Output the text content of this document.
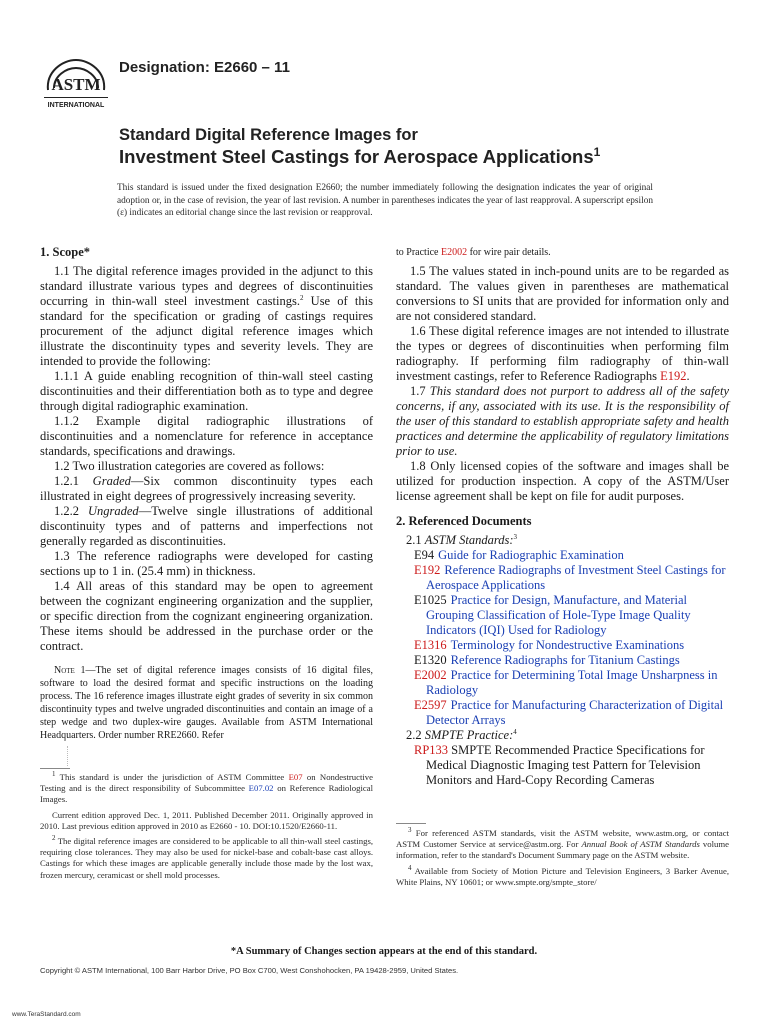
ASTM
INTERNATIONAL
Designation: E2660 – 11
Standard Digital Reference Images for
Investment Steel Castings for Aerospace Applications$^1$
This standard is issued under the fixed designation E2660; the number immediately following the designation indicates the year of original adoption or, in the case of revision, the year of last revision. A number in parentheses indicates the year of last reapproval. A superscript epsilon (ε) indicates an editorial change since the last revision or reapproval.
1. Scope*

1.1 The digital reference images provided in the adjunct to this standard illustrate various types and degrees of discontinuities occurring in thin-wall steel investment castings.$^2$ Use of this standard for the specification or grading of castings requires procurement of the adjunct digital reference images which illustrate the discontinuity types and severity levels. They are intended to provide the following:

1.1.1 A guide enabling recognition of thin-wall steel casting discontinuities and their differentiation both as to type and degree through digital radiographic examination.

1.1.2 Example digital radiographic illustrations of discontinuities and a nomenclature for reference in acceptance standards, specifications and drawings.

1.2 Two illustration categories are covered as follows:

1.2.1 Graded—Six common discontinuity types each illustrated in eight degrees of progressively increasing severity.

1.2.2 Ungraded—Twelve single illustrations of additional discontinuity types and of patterns and imperfections not generally regarded as discontinuities.

1.3 The reference radiographs were developed for casting sections up to 1 in. (25.4 mm) in thickness.

1.4 All areas of this standard may be open to agreement between the cognizant engineering organization and the supplier, or specific direction from the cognizant engineering organization. These items should be addressed in the purchase order or the contract.

Note 1—The set of digital reference images consists of 16 digital files, software to load the desired format and specific instructions on the loading process. The 16 reference images illustrate eight grades of severity in six common discontinuity types and twelve ungraded discontinuities and contain an image of a step wedge and two duplex-wire gauges. Available from ASTM International Headquarters. Order number RRE2660. Refer

to Practice E2002 for wire pair details.

1.5 The values stated in inch-pound units are to be regarded as standard. The values given in parentheses are mathematical conversions to SI units that are provided for information only and are not considered standard.

1.6 These digital reference images are not intended to illustrate the types or degrees of discontinuities when performing film radiography. If performing film radiography of thin-wall investment castings, refer to Reference Radiographs E192.

1.7 This standard does not purport to address all of the safety concerns, if any, associated with its use. It is the responsibility of the user of this standard to establish appropriate safety and health practices and determine the applicability of regulatory limitations prior to use.

1.8 Only licensed copies of the software and images shall be utilized for production inspection. A copy of the ASTM/User license agreement shall be kept on file for audit purposes.

2. Referenced Documents

2.1 ASTM Standards:$^3$

E94 Guide for Radiographic Examination

E192 Reference Radiographs of Investment Steel Castings for Aerospace Applications

E1025 Practice for Design, Manufacture, and Material Grouping Classification of Hole-Type Image Quality Indicators (IQI) Used for Radiology

E1316 Terminology for Nondestructive Examinations

E1320 Reference Radiographs for Titanium Castings

E2002 Practice for Determining Total Image Unsharpness in Radiology

E2597 Practice for Manufacturing Characterization of Digital Detector Arrays

2.2 SMPTE Practice:$^4$

RP133 SMPTE Recommended Practice Specifications for Medical Diagnostic Imaging test Pattern for Television Monitors and Hard-Copy Recording Cameras

$^1$ This standard is under the jurisdiction of ASTM Committee E07 on Nondestructive Testing and is the direct responsibility of Subcommittee E07.02 on Reference Radiological Images.

Current edition approved Dec. 1, 2011. Published December 2011. Originally approved in 2010. Last previous edition approved in 2010 as E2660 - 10. DOI:10.1520/E2660-11.

$^2$ The digital reference images are considered to be applicable to all thin-wall steel castings, requiring close tolerances. They may also be used for nickel-base and cobalt-base cast alloys. Castings for which these images are applicable generally include those made by the lost wax, frozen mercury, ceramicast or shell mold processes.

$^3$ For referenced ASTM standards, visit the ASTM website, www.astm.org, or contact ASTM Customer Service at service@astm.org. For Annual Book of ASTM Standards volume information, refer to the standard's Document Summary page on the ASTM website.

$^4$ Available from Society of Motion Picture and Television Engineers, 3 Barker Avenue, White Plains, NY 10601; or www.smpte.org/smpte_store/

*A Summary of Changes section appears at the end of this standard.
Copyright © ASTM International, 100 Barr Harbor Drive, PO Box C700, West Conshohocken, PA 19428-2959, United States.
www.TeraStandard.com
